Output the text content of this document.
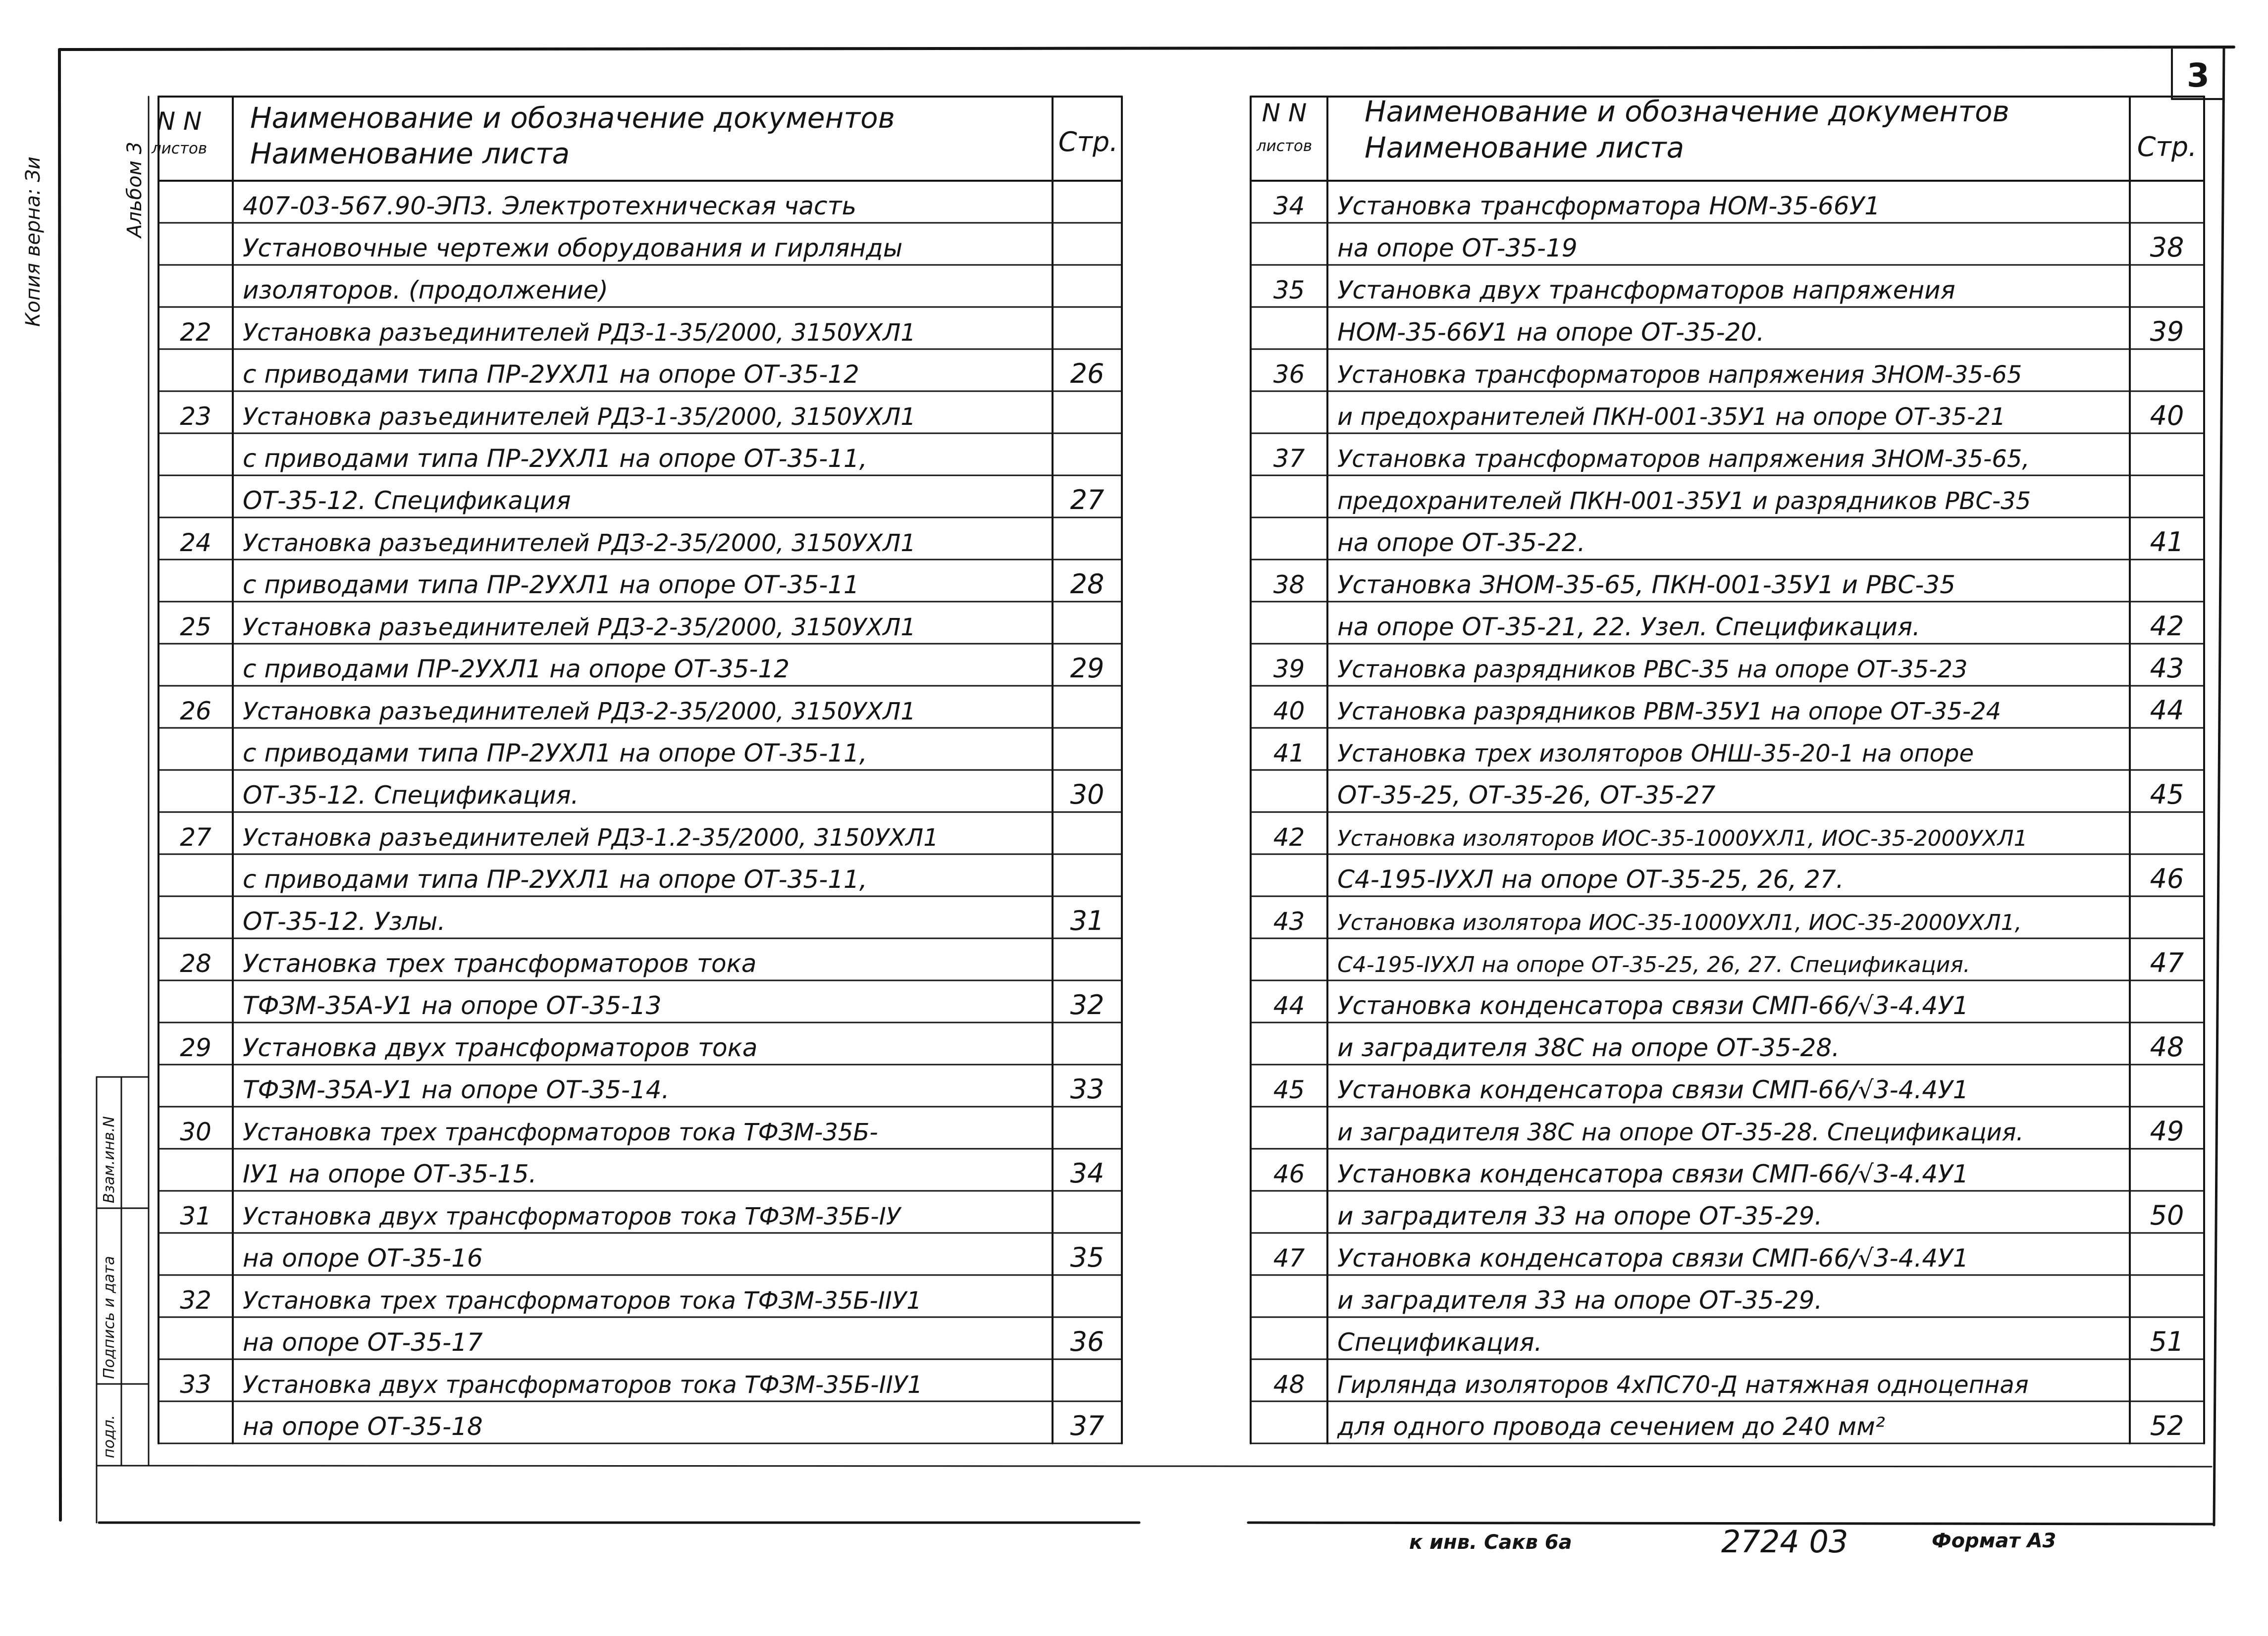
3
Копия верна: Зи	Альбом 3
подл.
Подпись и дата
Взам.инв.N
N N
листов
Наименование и обозначение документов
Наименование листа	Стр.
N N
листов
Наименование и обозначение документов
Наименование листа	Стр.
407-03-567.90-ЭП3. Электротехническая часть
Установочные чертежи оборудования и гирлянды
изоляторов. (продолжение)
22 Установка разъединителей РДЗ-1-35/2000, 3150УХЛ1
с приводами типа ПР-2УХЛ1 на опоре ОТ-35-12	26
23 Установка разъединителей РДЗ-1-35/2000, 3150УХЛ1
с приводами типа ПР-2УХЛ1 на опоре ОТ-35-11,
ОТ-35-12. Спецификация	27
24 Установка разъединителей РДЗ-2-35/2000, 3150УХЛ1
с приводами типа ПР-2УХЛ1 на опоре ОТ-35-11	28
25 Установка разъединителей РДЗ-2-35/2000, 3150УХЛ1
с приводами ПР-2УХЛ1 на опоре ОТ-35-12	29
26 Установка разъединителей РДЗ-2-35/2000, 3150УХЛ1
с приводами типа ПР-2УХЛ1 на опоре ОТ-35-11,
ОТ-35-12. Спецификация.	30
27 Установка разъединителей РДЗ-1.2-35/2000, 3150УХЛ1
с приводами типа ПР-2УХЛ1 на опоре ОТ-35-11,
ОТ-35-12. Узлы.	31
28 Установка трех трансформаторов тока
ТФЗМ-35А-У1 на опоре ОТ-35-13	32
29 Установка двух трансформаторов тока
ТФЗМ-35А-У1 на опоре ОТ-35-14.	33
30 Установка трех трансформаторов тока ТФЗМ-35Б-
IУ1 на опоре ОТ-35-15.	34
31 Установка двух трансформаторов тока ТФЗМ-35Б-IУ
на опоре ОТ-35-16	35
32 Установка трех трансформаторов тока ТФЗМ-35Б-IIУ1
на опоре ОТ-35-17	36
33 Установка двух трансформаторов тока ТФЗМ-35Б-IIУ1
на опоре ОТ-35-18	37
34 Установка трансформатора НОМ-35-66У1
на опоре ОТ-35-19	38
35 Установка двух трансформаторов напряжения
НОМ-35-66У1 на опоре ОТ-35-20.	39
36 Установка трансформаторов напряжения ЗНОМ-35-65
и предохранителей ПКН-001-35У1 на опоре ОТ-35-21	40
37 Установка трансформаторов напряжения ЗНОМ-35-65,
предохранителей ПКН-001-35У1 и разрядников РВС-35
на опоре ОТ-35-22.	41
38 Установка ЗНОМ-35-65, ПКН-001-35У1 и РВС-35
на опоре ОТ-35-21, 22. Узел. Спецификация.	42
39 Установка разрядников РВС-35 на опоре ОТ-35-23	43
40 Установка разрядников РВМ-35У1 на опоре ОТ-35-24	44
41 Установка трех изоляторов ОНШ-35-20-1 на опоре
ОТ-35-25, ОТ-35-26, ОТ-35-27	45
42 Установка изоляторов ИОС-35-1000УХЛ1, ИОС-35-2000УХЛ1
С4-195-IУХЛ на опоре ОТ-35-25, 26, 27.	46
43 Установка изолятора ИОС-35-1000УХЛ1, ИОС-35-2000УХЛ1,
С4-195-IУХЛ на опоре ОТ-35-25, 26, 27. Спецификация.	47
44 Установка конденсатора связи СМП-66/√3-4.4У1
и заградителя 38С на опоре ОТ-35-28.	48
45 Установка конденсатора связи СМП-66/√3-4.4У1
и заградителя 38С на опоре ОТ-35-28. Спецификация.	49
46 Установка конденсатора связи СМП-66/√3-4.4У1
и заградителя 33 на опоре ОТ-35-29.	50
47 Установка конденсатора связи СМП-66/√3-4.4У1
и заградителя 33 на опоре ОТ-35-29.
Спецификация.	51
48 Гирлянда изоляторов 4хПС70-Д натяжная одноцепная
для одного провода сечением до 240 мм²	52
к инв. Сакв 6а	2724 03	Формат А3
